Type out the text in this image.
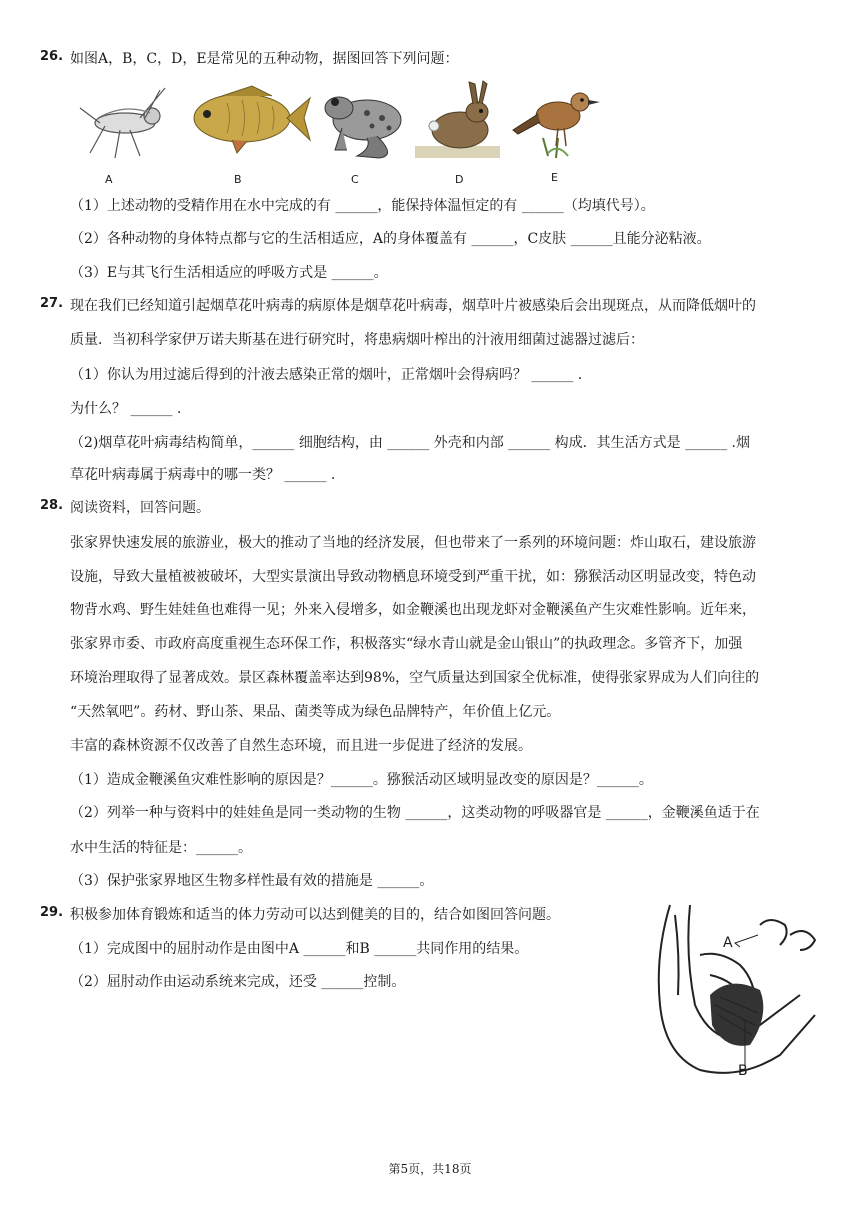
26. 如图A，B，C，D，E是常见的五种动物，据图回答下列问题：
A	B	C	D	E
（1）上述动物的受精作用在水中完成的有 ______，能保持体温恒定的有 ______（均填代号）。
（2）各种动物的身体特点都与它的生活相适应，A的身体覆盖有 ______，C皮肤 ______且能分泌粘液。
（3）E与其飞行生活相适应的呼吸方式是 ______。
27. 现在我们已经知道引起烟草花叶病毒的病原体是烟草花叶病毒，烟草叶片被感染后会出现斑点，从而降低烟叶的
质量．当初科学家伊万诺夫斯基在进行研究时，将患病烟叶榨出的汁液用细菌过滤器过滤后：
（1）你认为用过滤后得到的汁液去感染正常的烟叶，正常烟叶会得病吗？ ______ .
为什么？ ______ .
（2)烟草花叶病毒结构简单，______ 细胞结构，由 ______ 外壳和内部 ______ 构成．其生活方式是 ______ .烟
草花叶病毒属于病毒中的哪一类？ ______ .
28. 阅读资料，回答问题。
张家界快速发展的旅游业，极大的推动了当地的经济发展，但也带来了一系列的环境问题：炸山取石，建设旅游
设施，导致大量植被被破坏，大型实景演出导致动物栖息环境受到严重干扰，如：猕猴活动区明显改变，特色动
物背水鸡、野生娃娃鱼也难得一见；外来入侵增多，如金鞭溪也出现龙虾对金鞭溪鱼产生灾难性影响。近年来，
张家界市委、市政府高度重视生态环保工作，积极落实“绿水青山就是金山银山”的执政理念。多管齐下，加强
环境治理取得了显著成效。景区森林覆盖率达到98%，空气质量达到国家全优标准，使得张家界成为人们向往的
“天然氧吧”。药材、野山茶、果品、菌类等成为绿色品牌特产，年价值上亿元。
丰富的森林资源不仅改善了自然生态环境，而且进一步促进了经济的发展。
（1）造成金鞭溪鱼灾难性影响的原因是？______。猕猴活动区域明显改变的原因是？______。
（2）列举一种与资料中的娃娃鱼是同一类动物的生物 ______，这类动物的呼吸器官是 ______，金鞭溪鱼适于在
水中生活的特征是：______。
（3）保护张家界地区生物多样性最有效的措施是 ______。
29. 积极参加体育锻炼和适当的体力劳动可以达到健美的目的，结合如图回答问题。
（1）完成图中的屈肘动作是由图中A ______和B ______共同作用的结果。
（2）屈肘动作由运动系统来完成，还受 ______控制。
A
B
第5页，共18页
